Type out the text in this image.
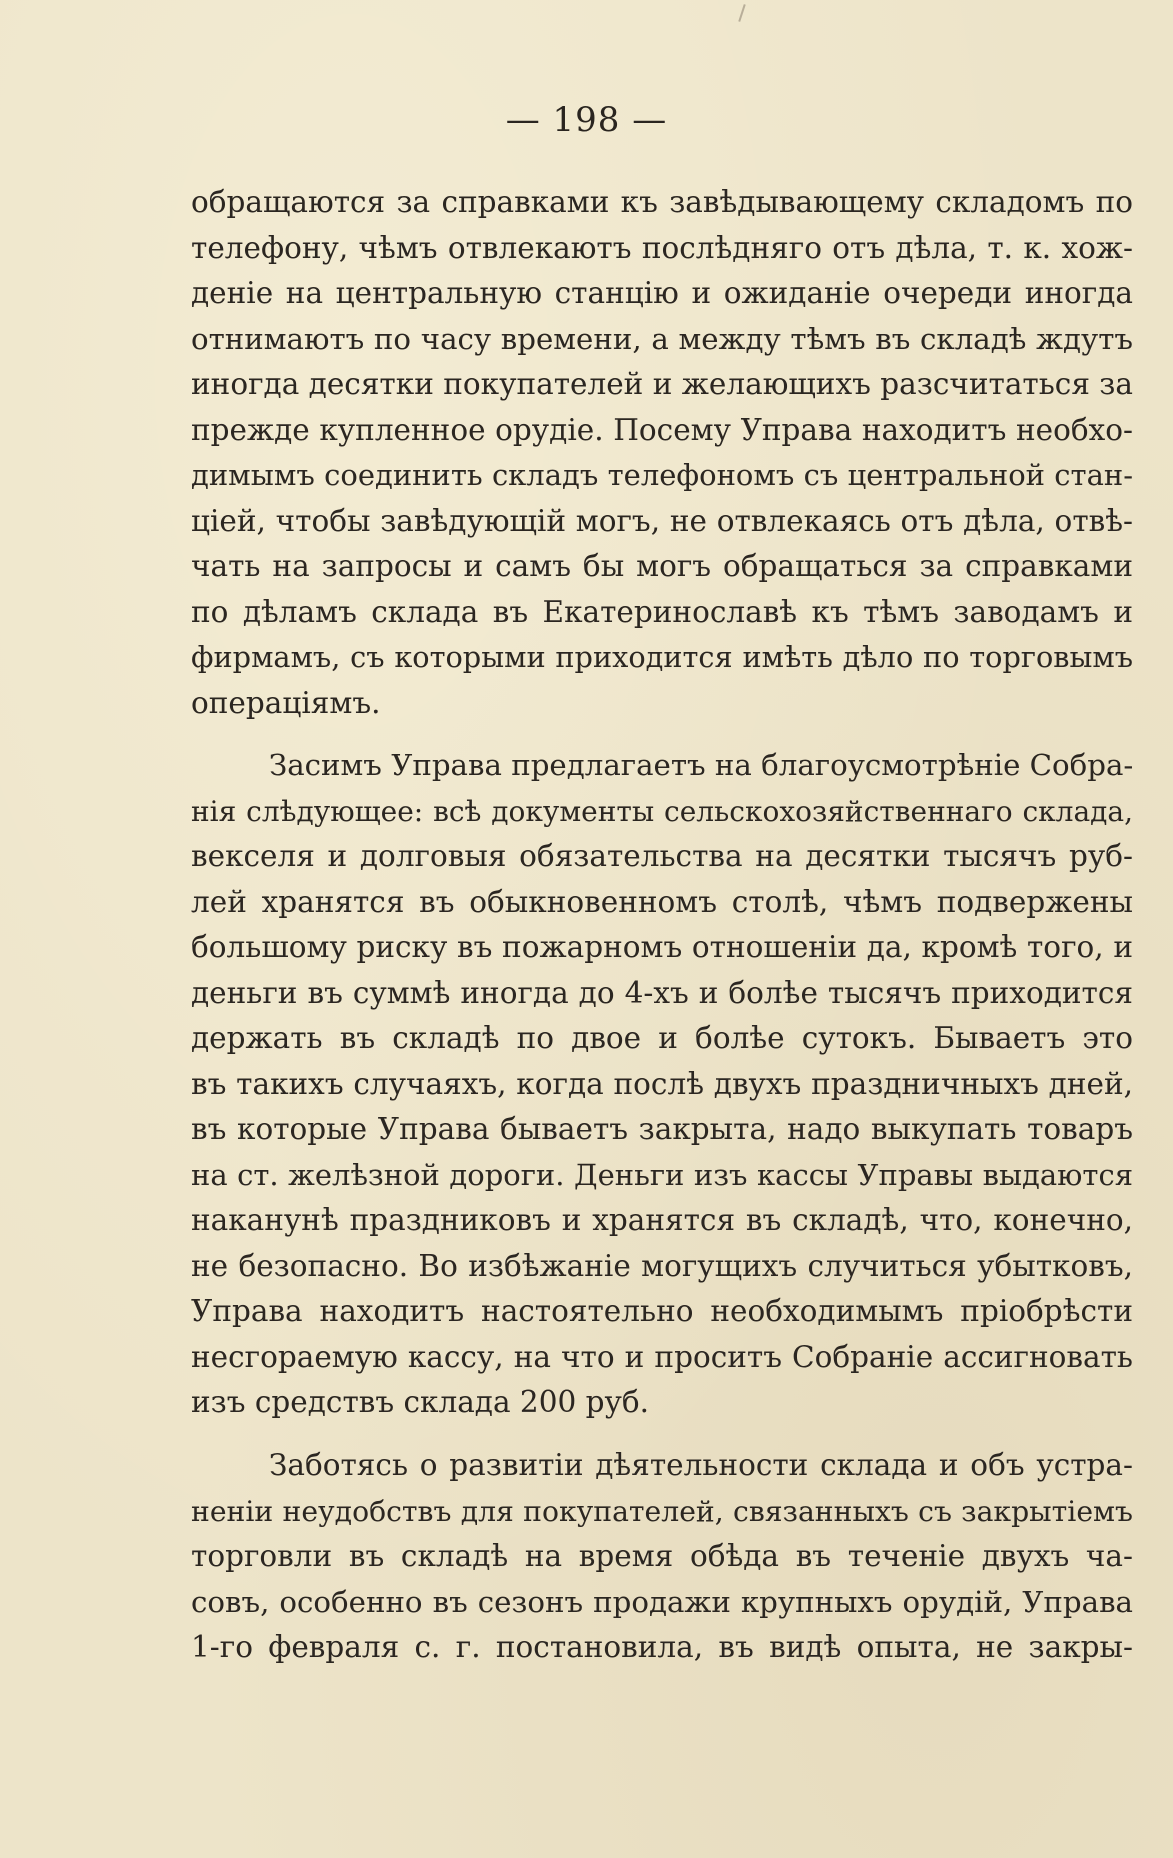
— 198 —
обращаются за справками къ завѣдывающему складомъ по
телефону, чѣмъ отвлекаютъ послѣдняго отъ дѣла, т. к. хож-
деніе на центральную станцію и ожиданіе очереди иногда
отнимаютъ по часу времени, а между тѣмъ въ складѣ ждутъ
иногда десятки покупателей и желающихъ разсчитаться за
прежде купленное орудіе. Посему Управа находитъ необхо-
димымъ соединить складъ телефономъ съ центральной стан-
ціей, чтобы завѣдующій могъ, не отвлекаясь отъ дѣла, отвѣ-
чать на запросы и самъ бы могъ обращаться за справками
по дѣламъ склада въ Екатеринославѣ къ тѣмъ заводамъ и
фирмамъ, съ которыми приходится имѣть дѣло по торговымъ
операціямъ.
Засимъ Управа предлагаетъ на благоусмотрѣніе Собра-
нія слѣдующее: всѣ документы сельскохозяйственнаго склада,
векселя и долговыя обязательства на десятки тысячъ руб-
лей хранятся въ обыкновенномъ столѣ, чѣмъ подвержены
большому риску въ пожарномъ отношеніи да, кромѣ того, и
деньги въ суммѣ иногда до 4-хъ и болѣе тысячъ приходится
держать въ складѣ по двое и болѣе сутокъ. Бываетъ это
въ такихъ случаяхъ, когда послѣ двухъ праздничныхъ дней,
въ которые Управа бываетъ закрыта, надо выкупать товаръ
на ст. желѣзной дороги. Деньги изъ кассы Управы выдаются
наканунѣ праздниковъ и хранятся въ складѣ, что, конечно,
не безопасно. Во избѣжаніе могущихъ случиться убытковъ,
Управа находитъ настоятельно необходимымъ пріобрѣсти
несгораемую кассу, на что и проситъ Собраніе ассигновать
изъ средствъ склада 200 руб.
Заботясь о развитіи дѣятельности склада и объ устра-
неніи неудобствъ для покупателей, связанныхъ съ закрытіемъ
торговли въ складѣ на время обѣда въ теченіе двухъ ча-
совъ, особенно въ сезонъ продажи крупныхъ орудій, Управа
1-го февраля с. г. постановила, въ видѣ опыта, не закры-
